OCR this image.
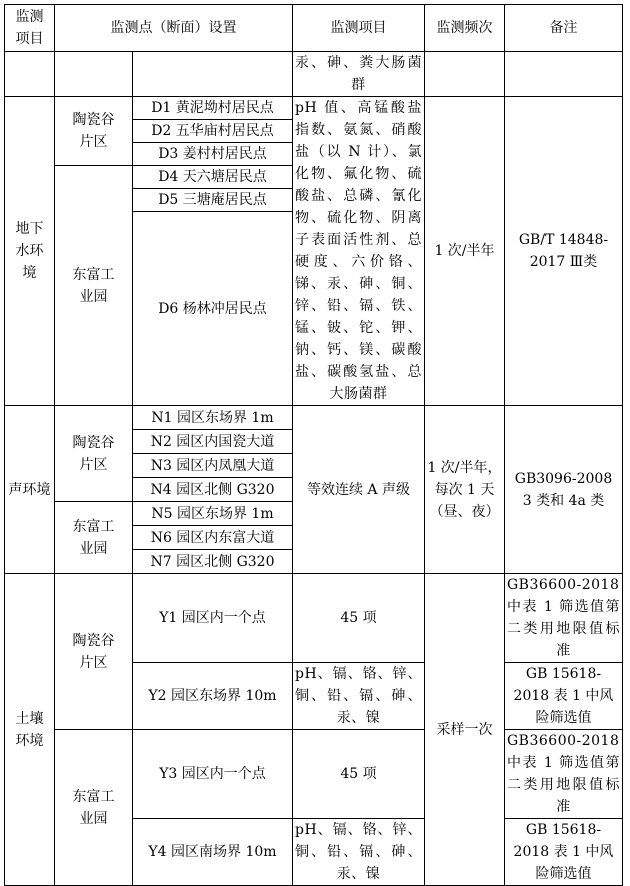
监测项目	监测点（断面）设置		监测项目	监测频次	备注
			汞、砷、粪大肠菌群		
地下水环境	陶瓷谷片区	D1 黄泥坳村居民点	pH 值、高锰酸盐指数、氨氮、硝酸盐（以 N 计）、氯化物、氟化物、硫酸盐、总磷、氰化物、硫化物、阴离子表面活性剂、总硬度、六价铬、锑、汞、砷、铜、锌、铅、镉、铁、锰、铍、铊、钾、钠、钙、镁、碳酸盐、碳酸氢盐、总大肠菌群	1 次/半年	GB/T 14848-2017 Ⅲ类
		D2 五华庙村居民点			
		D3 姜村村居民点			
	东富工业园	D4 天六塘居民点			
		D5 三塘庵居民点			
		D6 杨林冲居民点			
声环境	陶瓷谷片区	N1 园区东场界 1m	等效连续 A 声级	1 次/半年，每次 1 天（昼、夜）	GB3096-2008 3 类和 4a 类
		N2 园区内国瓷大道			
		N3 园区内凤凰大道			
		N4 园区北侧 G320			
	东富工业园	N5 园区东场界 1m			
		N6 园区内东富大道			
		N7 园区北侧 G320			
土壤环境	陶瓷谷片区	Y1 园区内一个点	45 项	采样一次	GB36600-2018 中表 1 筛选值第二类用地限值标准
		Y2 园区东场界 10m	pH、镉、铬、锌、铜、铅、镉、砷、汞、镍		GB 15618-2018 表 1 中风险筛选值
	东富工业园	Y3 园区内一个点	45 项		GB36600-2018 中表 1 筛选值第二类用地限值标准
		Y4 园区南场界 10m	pH、镉、铬、锌、铜、铅、镉、砷、汞、镍		GB 15618-2018 表 1 中风险筛选值
